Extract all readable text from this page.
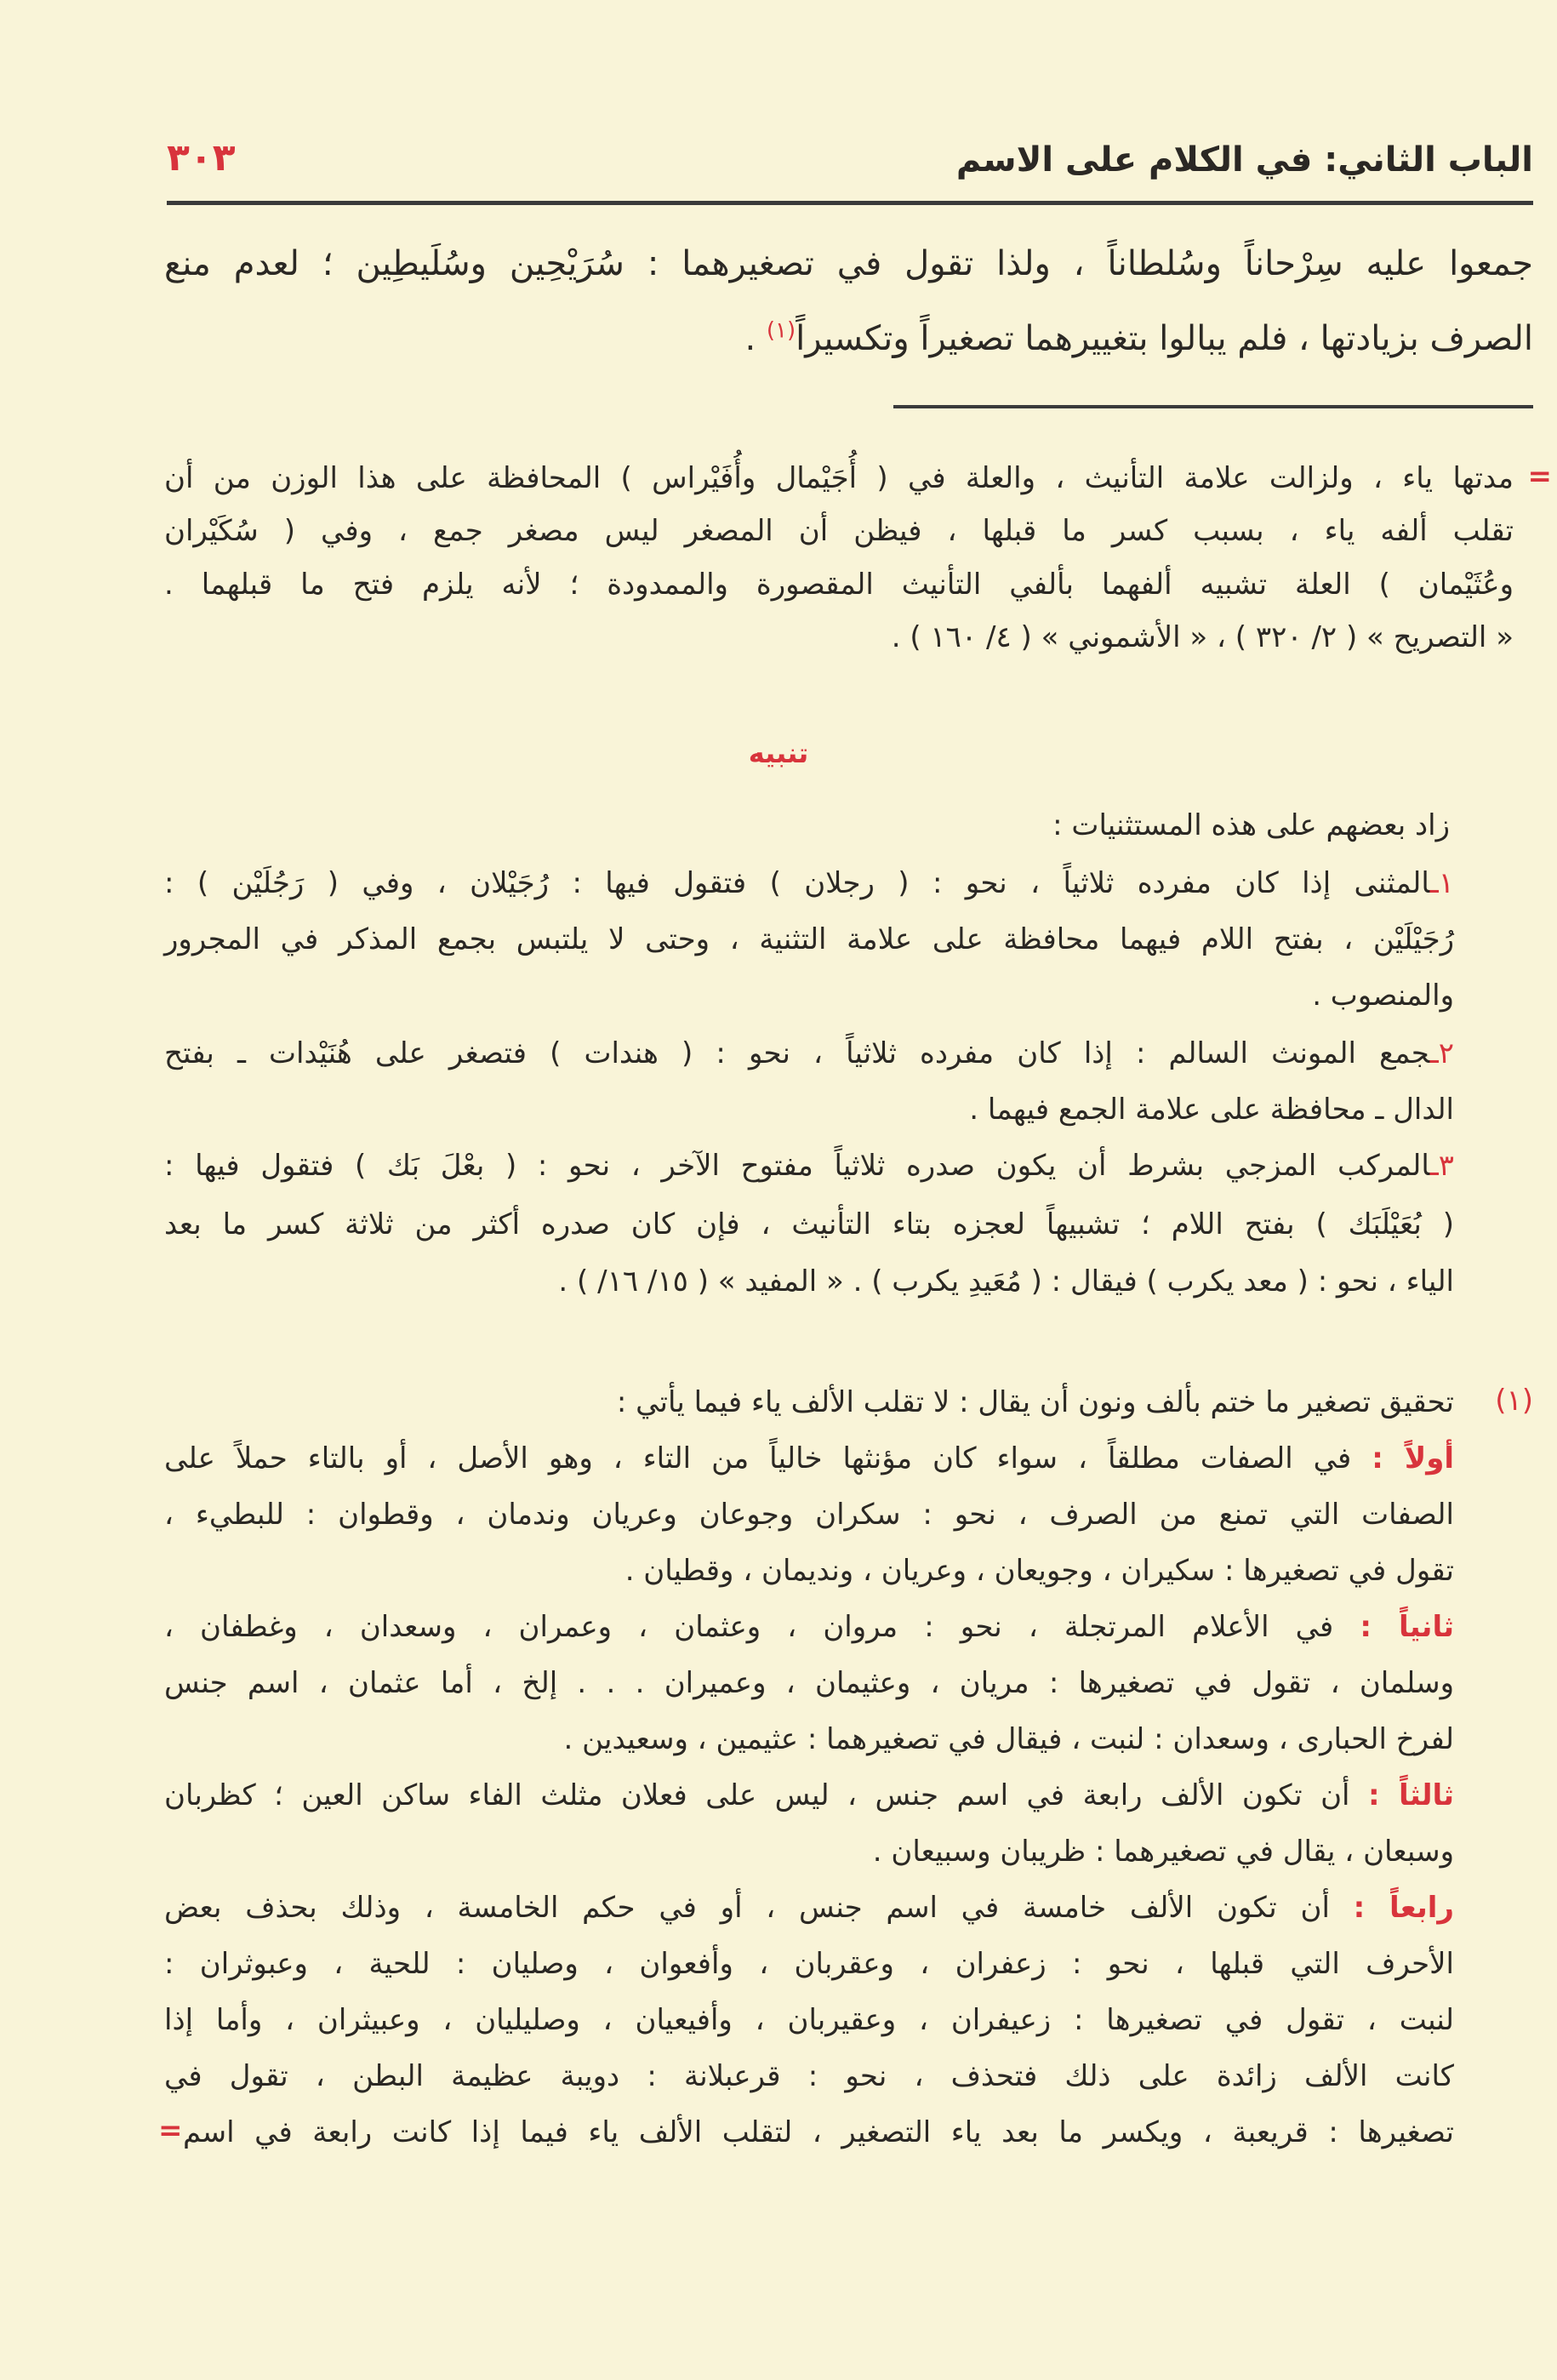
الباب الثاني: في الكلام على الاسم
٣٠٣
جمعوا عليه سِرْحاناً وسُلطاناً ، ولذا تقول في تصغيرهما : سُرَيْحِين وسُلَيطِين ؛ لعدم منع
الصرف بزيادتها ، فلم يبالوا بتغييرهما تصغيراً وتكسيراً$^{(١)}$ .
=
مدتها ياء ، ولزالت علامة التأنيث ، والعلة في ( أُجَيْمال وأُفَيْراس ) المحافظة على هذا الوزن من أن
تقلب ألفه ياء ، بسبب كسر ما قبلها ، فيظن أن المصغر ليس مصغر جمع ، وفي ( سُكَيْران
وعُثَيْمان ) العلة تشبيه ألفهما بألفي التأنيث المقصورة والممدودة ؛ لأنه يلزم فتح ما قبلهما .
« التصريح » ( ٢/ ٣٢٠ ) ، « الأشموني » ( ٤/ ١٦٠ ) .
تنبيه
زاد بعضهم على هذه المستثنيات :
١ـالمثنى إذا كان مفرده ثلاثياً ، نحو : ( رجلان ) فتقول فيها : رُجَيْلان ، وفي ( رَجُلَيْن ) :
رُجَيْلَيْن ، بفتح اللام فيهما محافظة على علامة التثنية ، وحتى لا يلتبس بجمع المذكر في المجرور
والمنصوب .
٢ـجمع المونث السالم : إذا كان مفرده ثلاثياً ، نحو : ( هندات ) فتصغر على هُنَيْدات ـ بفتح
الدال ـ محافظة على علامة الجمع فيهما .
٣ـالمركب المزجي بشرط أن يكون صدره ثلاثياً مفتوح الآخر ، نحو : ( بعْلَ بَك ) فتقول فيها :
( بُعَيْلَبَك ) بفتح اللام ؛ تشبيهاً لعجزه بتاء التأنيث ، فإن كان صدره أكثر من ثلاثة كسر ما بعد
الياء ، نحو : ( معد يكرب ) فيقال : ( مُعَيدِ يكرب ) . « المفيد » ( ١٥/ ١٦/ ) .
(١)
تحقيق تصغير ما ختم بألف ونون أن يقال : لا تقلب الألف ياء فيما يأتي :
أولاً : في الصفات مطلقاً ، سواء كان مؤنثها خالياً من التاء ، وهو الأصل ، أو بالتاء حملاً على
الصفات التي تمنع من الصرف ، نحو : سكران وجوعان وعريان وندمان ، وقطوان : للبطيء ،
تقول في تصغيرها : سكيران ، وجويعان ، وعريان ، ونديمان ، وقطيان .
ثانياً : في الأعلام المرتجلة ، نحو : مروان ، وعثمان ، وعمران ، وسعدان ، وغطفان ،
وسلمان ، تقول في تصغيرها : مريان ، وعثيمان ، وعميران . . . إلخ ، أما عثمان ، اسم جنس
لفرخ الحبارى ، وسعدان : لنبت ، فيقال في تصغيرهما : عثيمين ، وسعيدين .
ثالثاً : أن تكون الألف رابعة في اسم جنس ، ليس على فعلان مثلث الفاء ساكن العين ؛ كظربان
وسبعان ، يقال في تصغيرهما : ظريبان وسبيعان .
رابعاً : أن تكون الألف خامسة في اسم جنس ، أو في حكم الخامسة ، وذلك بحذف بعض
الأحرف التي قبلها ، نحو : زعفران ، وعقربان ، وأفعوان ، وصليان : للحية ، وعبوثران :
لنبت ، تقول في تصغيرها : زعيفران ، وعقيربان ، وأفيعيان ، وصليليان ، وعبيثران ، وأما إذا
كانت الألف زائدة على ذلك فتحذف ، نحو : قرعبلانة : دويبة عظيمة البطن ، تقول في
تصغيرها : قريعبة ، ويكسر ما بعد ياء التصغير ، لتقلب الألف ياء فيما إذا كانت رابعة في اسم
=
